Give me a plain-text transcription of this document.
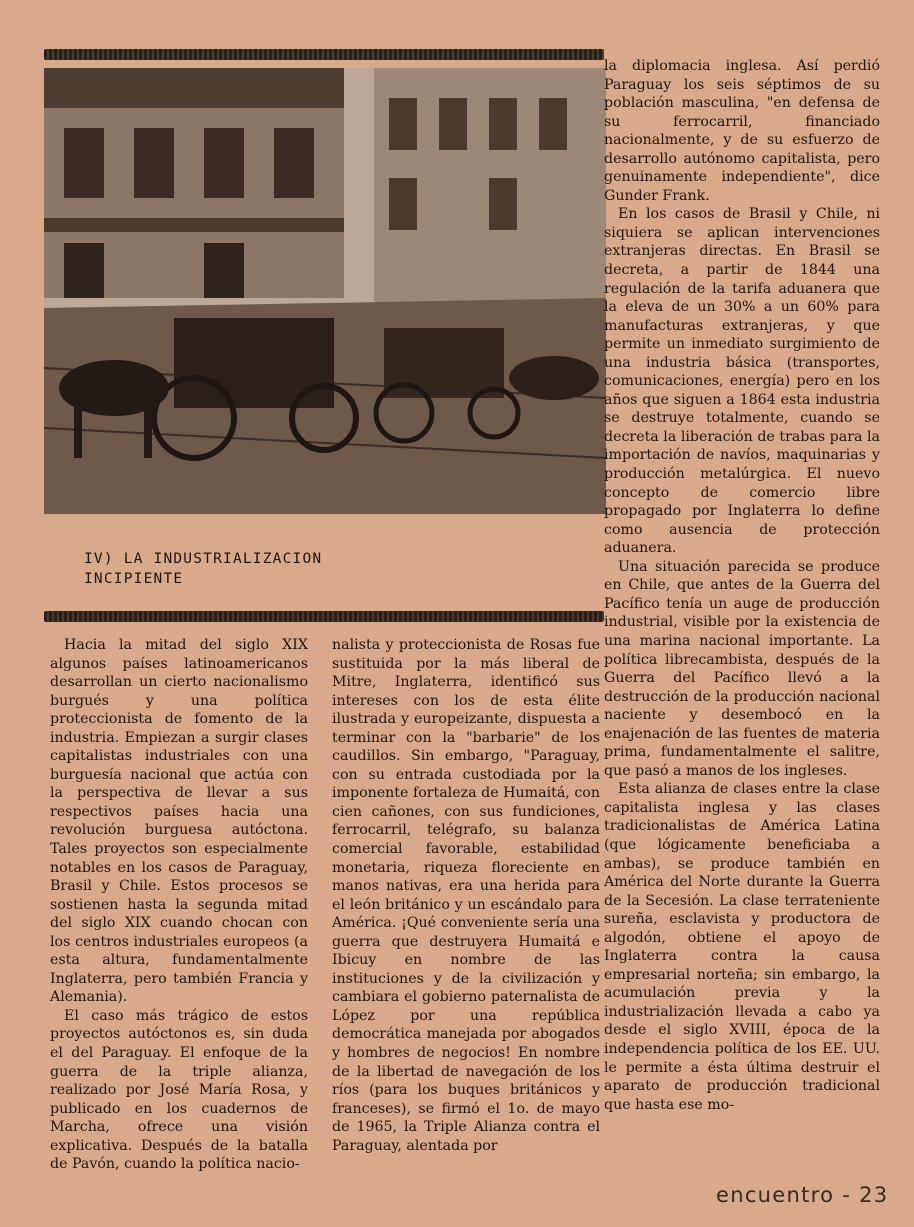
IV) LA INDUSTRIALIZACION

INCIPIENTE

Hacia la mitad del siglo XIX algunos países latinoamericanos desarrollan un cierto nacionalismo burgués y una política proteccionista de fomento de la industria. Empiezan a surgir clases capitalistas industriales con una burguesía nacional que actúa con la perspectiva de llevar a sus respectivos países hacia una revolución burguesa autóctona. Tales proyectos son especialmente notables en los casos de Paraguay, Brasil y Chile. Estos procesos se sostienen hasta la segunda mitad del siglo XIX cuando chocan con los centros industriales europeos (a esta altura, fundamentalmente Inglaterra, pero también Francia y Alemania).

El caso más trágico de estos proyectos autóctonos es, sin duda el del Paraguay. El enfoque de la guerra de la triple alianza, realizado por José María Rosa, y publicado en los cuadernos de Marcha, ofrece una visión explicativa. Después de la batalla de Pavón, cuando la política nacio-

nalista y proteccionista de Rosas fue sustituida por la más liberal de Mitre, Inglaterra, identificó sus intereses con los de esta élite ilustrada y europeizante, dispuesta a terminar con la "barbarie" de los caudillos. Sin embargo, "Paraguay, con su entrada custodiada por la imponente fortaleza de Humaitá, con cien cañones, con sus fundiciones, ferrocarril, telégrafo, su balanza comercial favorable, estabilidad monetaria, riqueza floreciente en manos nativas, era una herida para el león británico y un escándalo para América. ¡Qué conveniente sería una guerra que destruyera Humaitá e Ibicuy en nombre de las instituciones y de la civilización y cambiara el gobierno paternalista de López por una república democrática manejada por abogados y hombres de negocios! En nombre de la libertad de navegación de los ríos (para los buques británicos y franceses), se firmó el 1o. de mayo de 1965, la Triple Alianza contra el Paraguay, alentada por

la diplomacia inglesa. Así perdió Paraguay los seis séptimos de su población masculina, "en defensa de su ferrocarril, financiado nacionalmente, y de su esfuerzo de desarrollo autónomo capitalista, pero genuinamente independiente", dice Gunder Frank.

En los casos de Brasil y Chile, ni siquiera se aplican intervenciones extranjeras directas. En Brasil se decreta, a partir de 1844 una regulación de la tarifa aduanera que la eleva de un 30% a un 60% para manufacturas extranjeras, y que permite un inmediato surgimiento de una industria básica (transportes, comunicaciones, energía) pero en los años que siguen a 1864 esta industria se destruye totalmente, cuando se decreta la liberación de trabas para la importación de navíos, maquinarias y producción metalúrgica. El nuevo concepto de comercio libre propagado por Inglaterra lo define como ausencia de protección aduanera.

Una situación parecida se produce en Chile, que antes de la Guerra del Pacífico tenía un auge de producción industrial, visible por la existencia de una marina nacional importante. La política librecambista, después de la Guerra del Pacífico llevó a la destrucción de la producción nacional naciente y desembocó en la enajenación de las fuentes de materia prima, fundamentalmente el salitre, que pasó a manos de los ingleses.

Esta alianza de clases entre la clase capitalista inglesa y las clases tradicionalistas de América Latina (que lógicamente beneficiaba a ambas), se produce también en América del Norte durante la Guerra de la Secesión. La clase terrateniente sureña, esclavista y productora de algodón, obtiene el apoyo de Inglaterra contra la causa empresarial norteña; sin embargo, la acumulación previa y la industrialización llevada a cabo ya desde el siglo XVIII, época de la independencia política de los EE. UU. le permite a ésta última destruir el aparato de producción tradicional que hasta ese mo-

encuentro - 23
